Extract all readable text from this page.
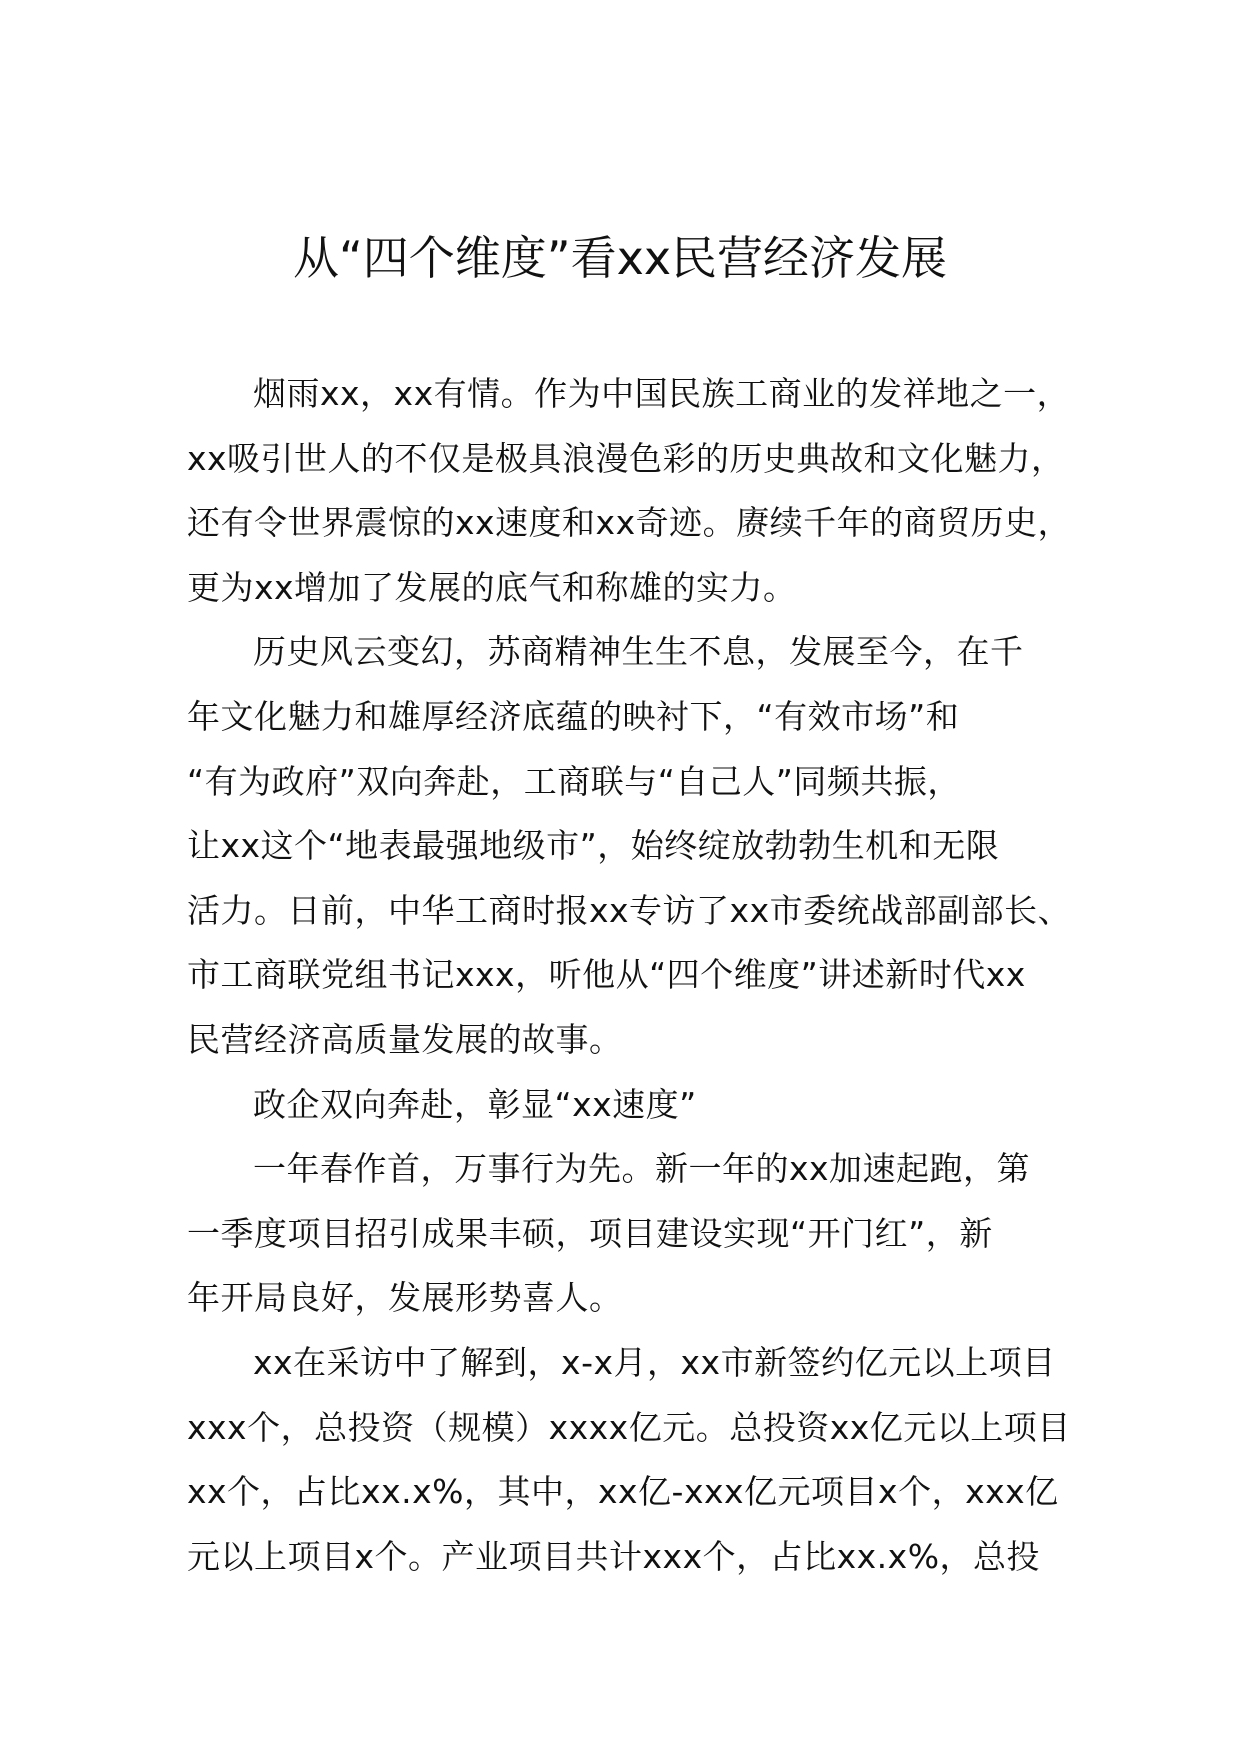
从“四个维度”看xx民营经济发展
烟雨xx，xx有情。作为中国民族工商业的发祥地之一，
xx吸引世人的不仅是极具浪漫色彩的历史典故和文化魅力，
还有令世界震惊的xx速度和xx奇迹。赓续千年的商贸历史，
更为xx增加了发展的底气和称雄的实力。
历史风云变幻，苏商精神生生不息，发展至今，在千
年文化魅力和雄厚经济底蕴的映衬下，“有效市场”和
“有为政府”双向奔赴，工商联与“自己人”同频共振，
让xx这个“地表最强地级市”，始终绽放勃勃生机和无限
活力。日前，中华工商时报xx专访了xx市委统战部副部长、
市工商联党组书记xxx，听他从“四个维度”讲述新时代xx
民营经济高质量发展的故事。
政企双向奔赴，彰显“xx速度”
一年春作首，万事行为先。新一年的xx加速起跑，第
一季度项目招引成果丰硕，项目建设实现“开门红”，新
年开局良好，发展形势喜人。
xx在采访中了解到，x-x月，xx市新签约亿元以上项目
xxx个，总投资（规模）xxxx亿元。总投资xx亿元以上项目
xx个，占比xx.x%，其中，xx亿-xxx亿元项目x个，xxx亿
元以上项目x个。产业项目共计xxx个，占比xx.x%，总投
